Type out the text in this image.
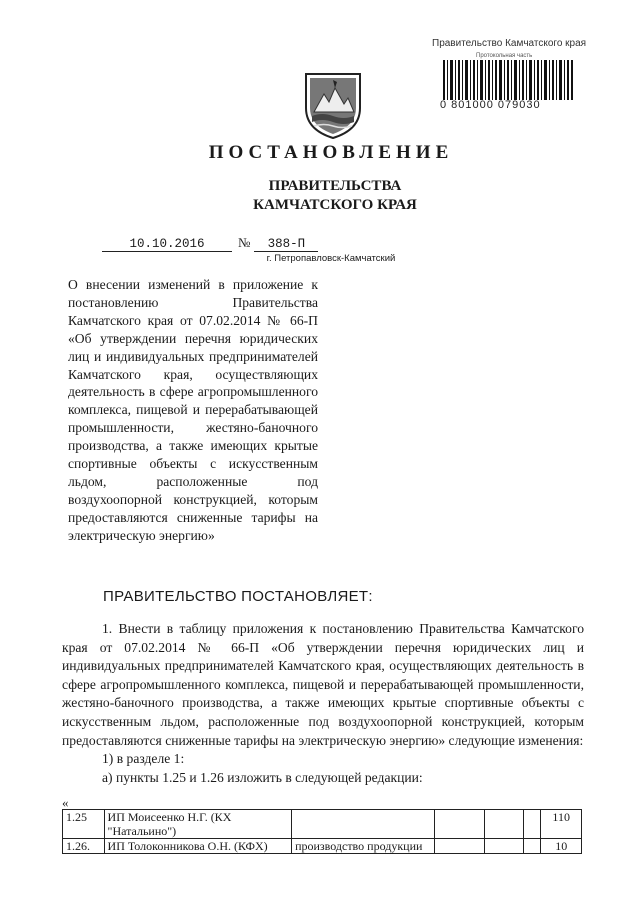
Правительство Камчатского края
Протокольная часть
0 801000 079030
ПОСТАНОВЛЕНИЕ
ПРАВИТЕЛЬСТВА
КАМЧАТСКОГО КРАЯ
10.10.2016	№ 388-П
г. Петропавловск-Камчатский
О внесении изменений в приложение к постановлению Правительства Камчатского края от 07.02.2014 № 66-П «Об утверждении перечня юридических лиц и индивидуальных предпринимателей Камчатского края, осуществляющих деятельность в сфере агропромышленного комплекса, пищевой и перерабатывающей промышленности, жестяно-баночного производства, а также имеющих крытые спортивные объекты с искусственным льдом, расположенные под воздухоопорной конструкцией, которым предоставляются сниженные тарифы на электрическую энергию»
ПРАВИТЕЛЬСТВО ПОСТАНОВЛЯЕТ:

1. Внести в таблицу приложения к постановлению Правительства Камчатского края от 07.02.2014 № 66-П «Об утверждении перечня юридических лиц и индивидуальных предпринимателей Камчатского края, осуществляющих деятельность в сфере агропромышленного комплекса, пищевой и перерабатывающей промышленности, жестяно-баночного производства, а также имеющих крытые спортивные объекты с искусственным льдом, расположенные под воздухоопорной конструкцией, которым предоставляются сниженные тарифы на электрическую энергию» следующие изменения:

1) в разделе 1:

а) пункты 1.25 и 1.26 изложить в следующей редакции:

«
1.25	ИП Моисеенко Н.Г. (КХ "Натальино")					110
1.26.	ИП Толоконникова О.Н. (КФХ)	производство продукции				10
